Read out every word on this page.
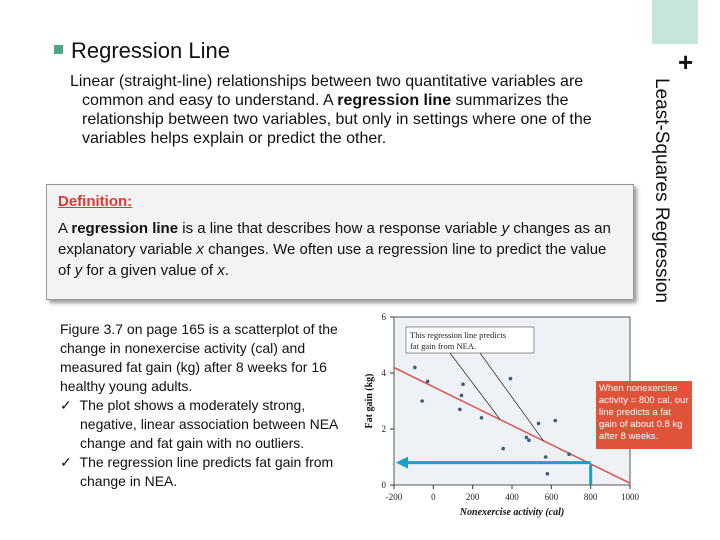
+
Least-Squares Regression
Regression Line
Linear (straight-line) relationships between two quantitative variables are common and easy to understand. A regression line summarizes the relationship between two variables, but only in settings where one of the variables helps explain or predict the other.
Definition:
A regression line is a line that describes how a response variable y changes as an explanatory variable x changes. We often use a regression line to predict the value of y for a given value of x.
Figure 3.7 on page 165 is a scatterplot of the change in nonexercise activity (cal) and measured fat gain (kg) after 8 weeks for 16 healthy young adults.
✓ The plot shows a moderately strong, negative, linear association between NEA change and fat gain with no outliers.
✓ The regression line predicts fat gain from change in NEA.
-200	0	200	400	600	800	1000
0
2
4
6
Nonexercise activity (cal)
Fat gain (kg)
This regression line predicts
fat gain from NEA.
When nonexercise activity = 800 cal, our line predicts a fat gain of about 0.8 kg after 8 weeks.
